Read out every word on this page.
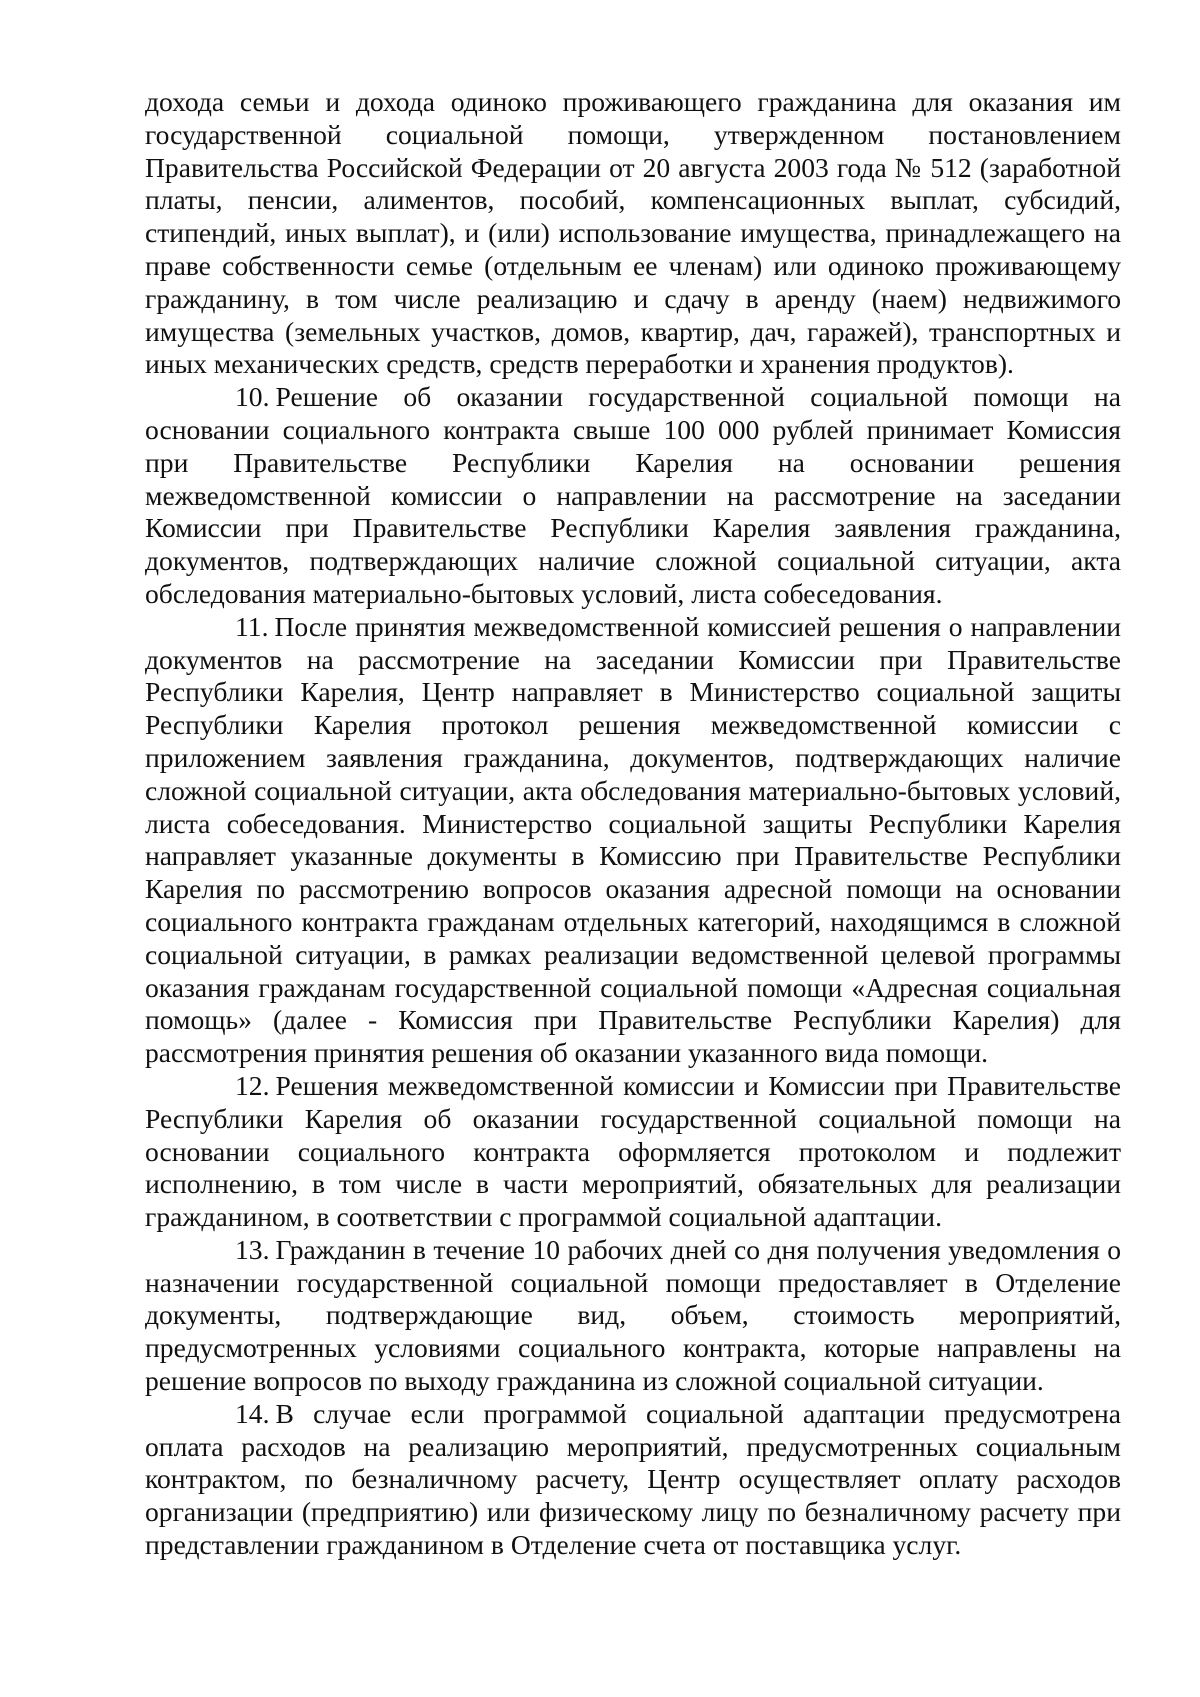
дохода семьи и дохода одиноко проживающего гражданина для оказания им государственной социальной помощи, утвержденном постановлением Правительства Российской Федерации от 20 августа 2003 года № 512 (заработной платы, пенсии, алиментов, пособий, компенсационных выплат, субсидий, стипендий, иных выплат), и (или) использование имущества, принадлежащего на праве собственности семье (отдельным ее членам) или одиноко проживающему гражданину, в том числе реализацию и сдачу в аренду (наем) недвижимого имущества (земельных участков, домов, квартир, дач, гаражей), транспортных и иных механических средств, средств переработки и хранения продуктов).

10. Решение об оказании государственной социальной помощи на основании социального контракта свыше 100 000 рублей принимает Комиссия при Правительстве Республики Карелия на основании решения межведомственной комиссии о направлении на рассмотрение на заседании Комиссии при Правительстве Республики Карелия заявления гражданина, документов, подтверждающих наличие сложной социальной ситуации, акта обследования материально-бытовых условий, листа собеседования.

11. После принятия межведомственной комиссией решения о направлении документов на рассмотрение на заседании Комиссии при Правительстве Республики Карелия, Центр направляет в Министерство социальной защиты Республики Карелия протокол решения межведомственной комиссии с приложением заявления гражданина, документов, подтверждающих наличие сложной социальной ситуации, акта обследования материально-бытовых условий, листа собеседования. Министерство социальной защиты Республики Карелия направляет указанные документы в Комиссию при Правительстве Республики Карелия по рассмотрению вопросов оказания адресной помощи на основании социального контракта гражданам отдельных категорий, находящимся в сложной социальной ситуации, в рамках реализации ведомственной целевой программы оказания гражданам государственной социальной помощи «Адресная социальная помощь» (далее - Комиссия при Правительстве Республики Карелия) для рассмотрения принятия решения об оказании указанного вида помощи.

12. Решения межведомственной комиссии и Комиссии при Правительстве Республики Карелия об оказании государственной социальной помощи на основании социального контракта оформляется протоколом и подлежит исполнению, в том числе в части мероприятий, обязательных для реализации гражданином, в соответствии с программой социальной адаптации.

13. Гражданин в течение 10 рабочих дней со дня получения уведомления о назначении государственной социальной помощи предоставляет в Отделение документы, подтверждающие вид, объем, стоимость мероприятий, предусмотренных условиями социального контракта, которые направлены на решение вопросов по выходу гражданина из сложной социальной ситуации.

14. В случае если программой социальной адаптации предусмотрена оплата расходов на реализацию мероприятий, предусмотренных социальным контрактом, по безналичному расчету, Центр осуществляет оплату расходов организации (предприятию) или физическому лицу по безналичному расчету при представлении гражданином в Отделение счета от поставщика услуг.
